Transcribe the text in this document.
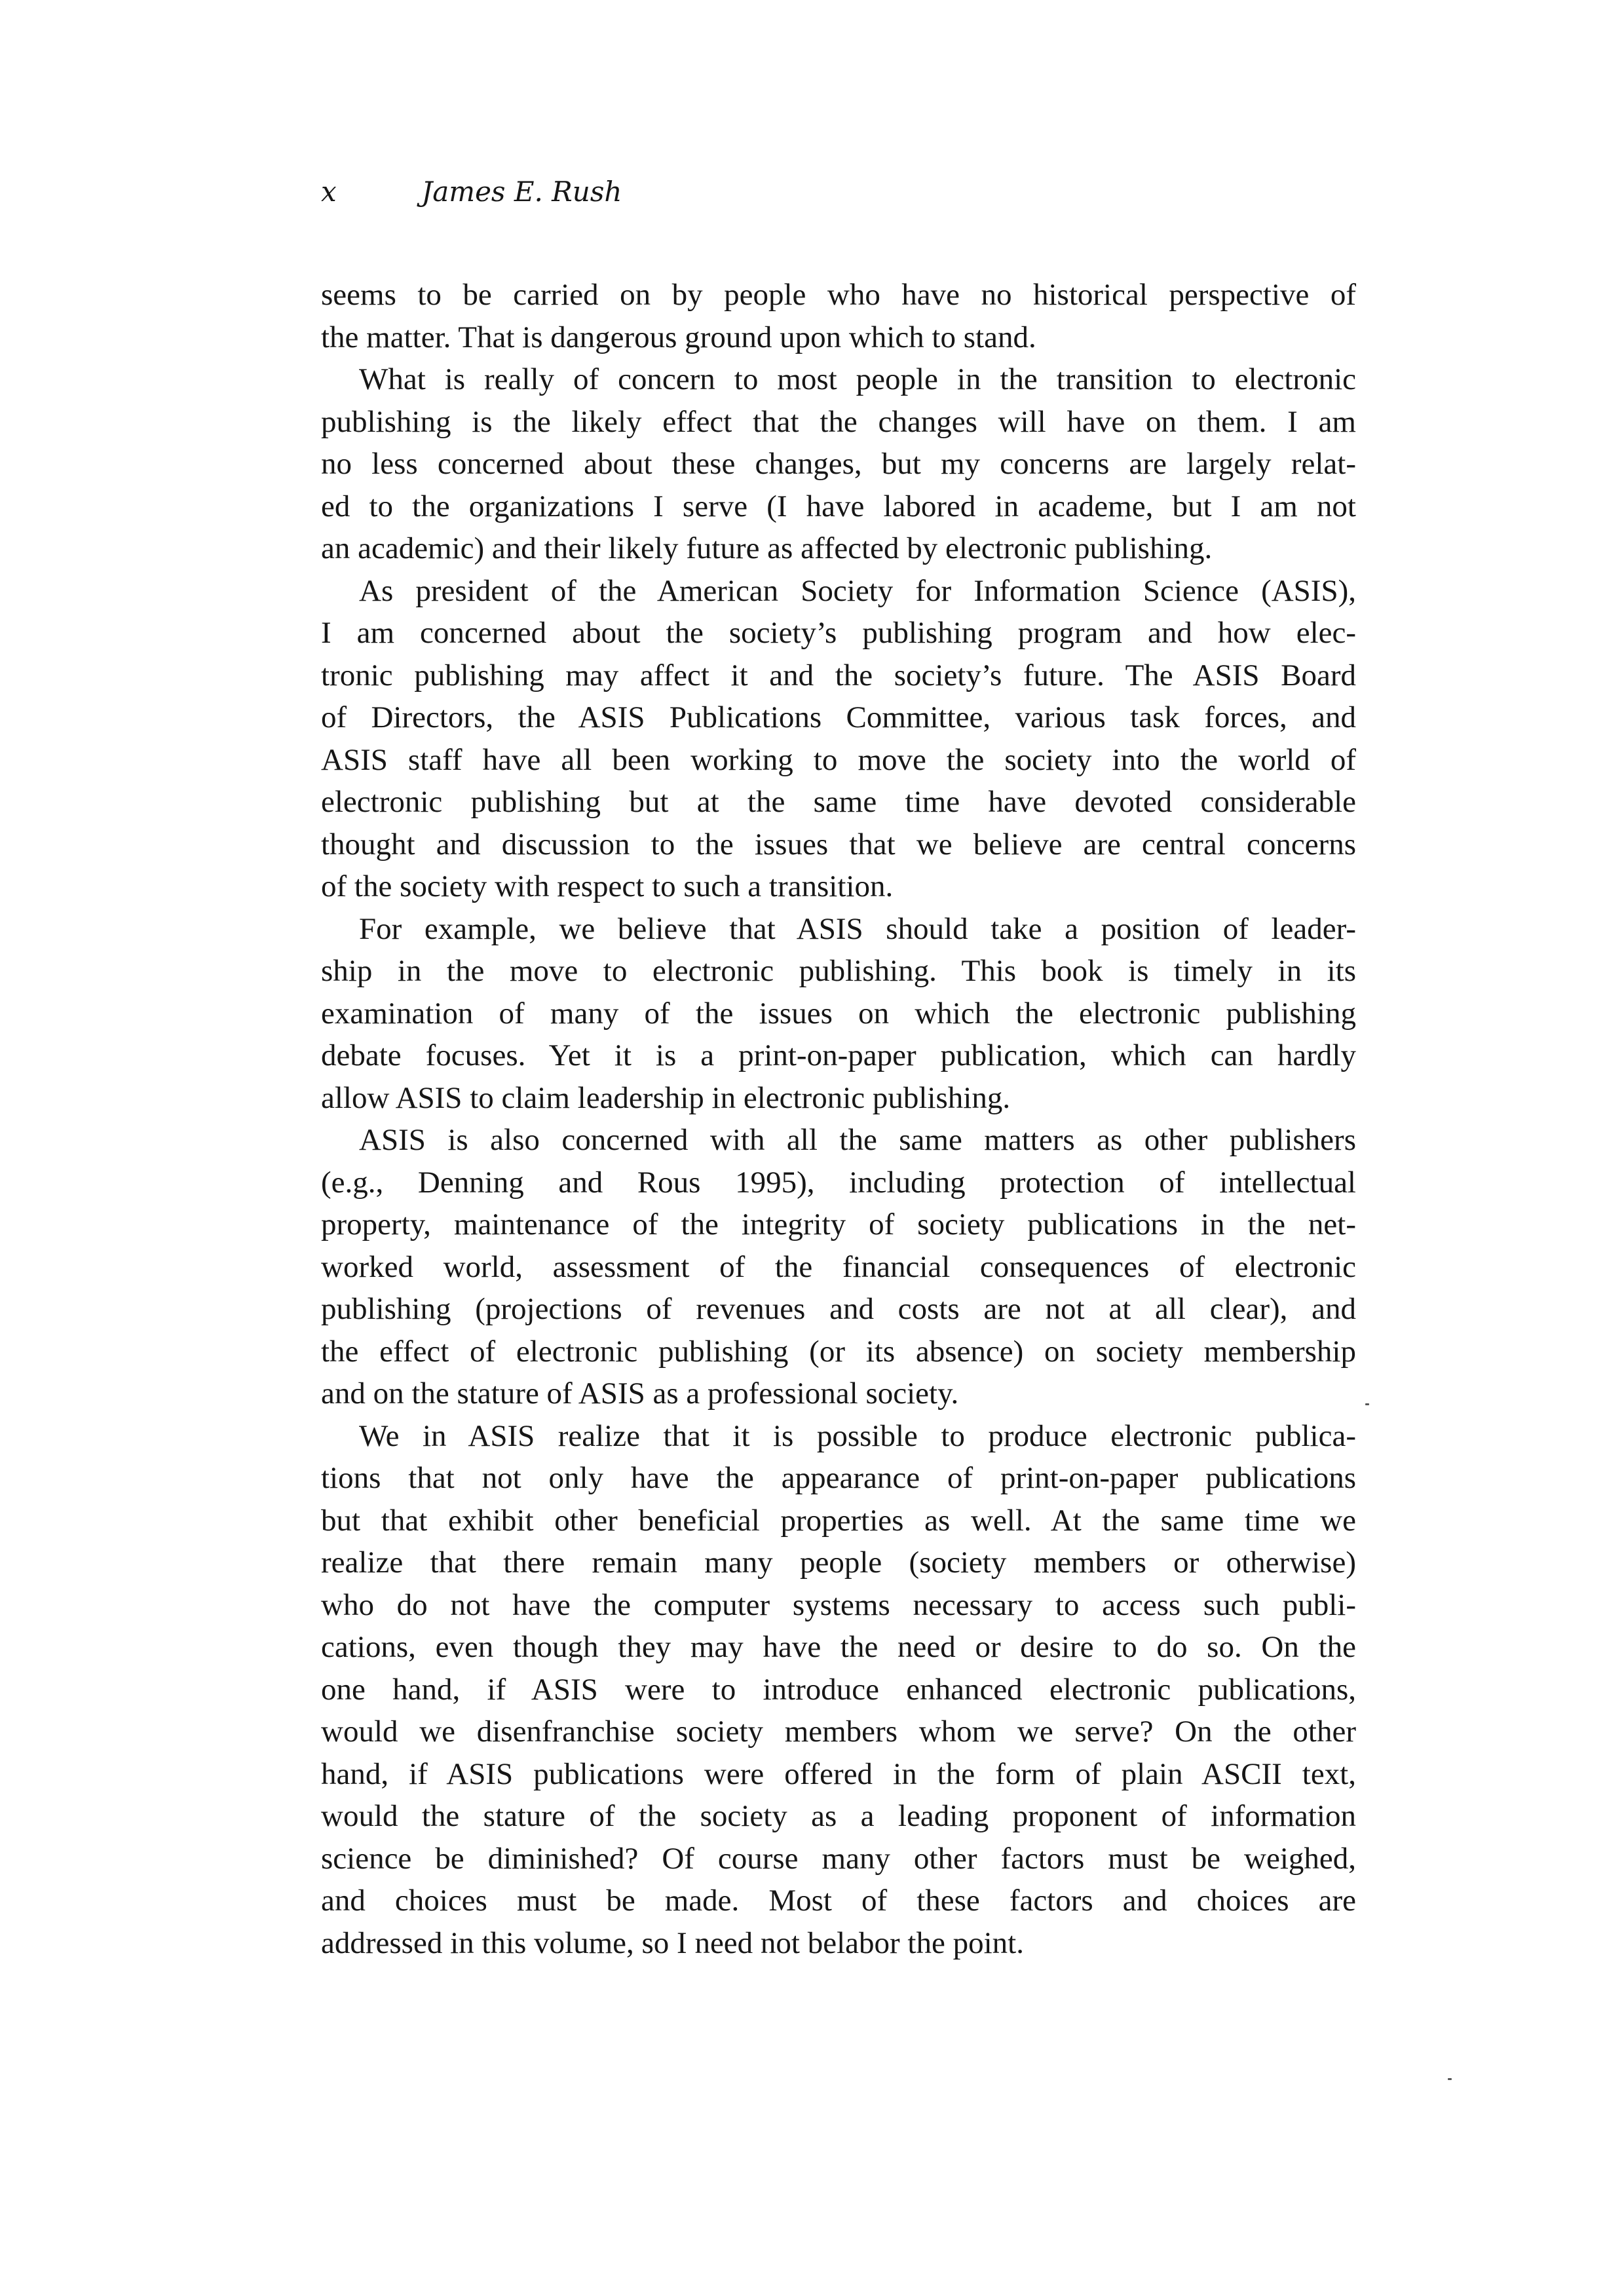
x	James E. Rush
seems to be carried on by people who have no historical perspective of
the matter. That is dangerous ground upon which to stand.
What is really of concern to most people in the transition to electronic
publishing is the likely effect that the changes will have on them. I am
no less concerned about these changes, but my concerns are largely relat-
ed to the organizations I serve (I have labored in academe, but I am not
an academic) and their likely future as affected by electronic publishing.
As president of the American Society for Information Science (ASIS),
I am concerned about the society’s publishing program and how elec-
tronic publishing may affect it and the society’s future. The ASIS Board
of Directors, the ASIS Publications Committee, various task forces, and
ASIS staff have all been working to move the society into the world of
electronic publishing but at the same time have devoted considerable
thought and discussion to the issues that we believe are central concerns
of the society with respect to such a transition.
For example, we believe that ASIS should take a position of leader-
ship in the move to electronic publishing. This book is timely in its
examination of many of the issues on which the electronic publishing
debate focuses. Yet it is a print-on-paper publication, which can hardly
allow ASIS to claim leadership in electronic publishing.
ASIS is also concerned with all the same matters as other publishers
(e.g., Denning and Rous 1995), including protection of intellectual
property, maintenance of the integrity of society publications in the net-
worked world, assessment of the financial consequences of electronic
publishing (projections of revenues and costs are not at all clear), and
the effect of electronic publishing (or its absence) on society membership
and on the stature of ASIS as a professional society.
We in ASIS realize that it is possible to produce electronic publica-
tions that not only have the appearance of print-on-paper publications
but that exhibit other beneficial properties as well. At the same time we
realize that there remain many people (society members or otherwise)
who do not have the computer systems necessary to access such publi-
cations, even though they may have the need or desire to do so. On the
one hand, if ASIS were to introduce enhanced electronic publications,
would we disenfranchise society members whom we serve? On the other
hand, if ASIS publications were offered in the form of plain ASCII text,
would the stature of the society as a leading proponent of information
science be diminished? Of course many other factors must be weighed,
and choices must be made. Most of these factors and choices are
addressed in this volume, so I need not belabor the point.
